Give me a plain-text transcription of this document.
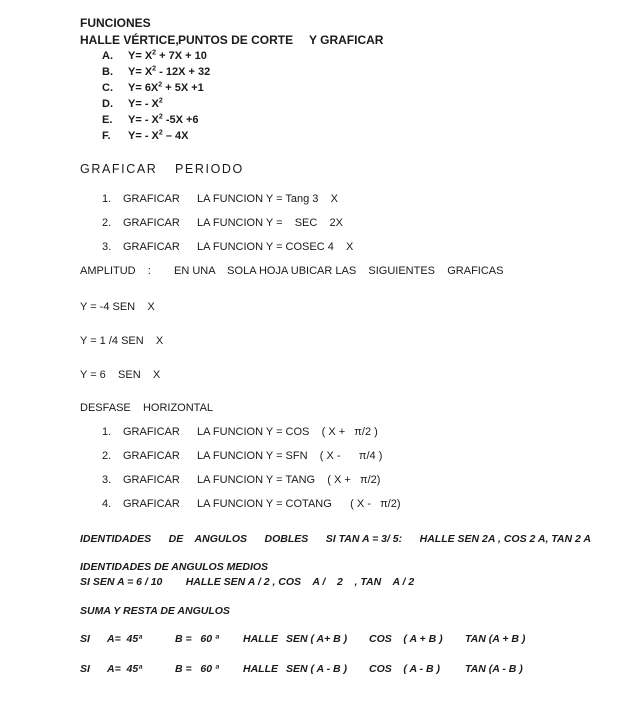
FUNCIONES
HALLE VÉRTICE, PUNTOS DE CORTE Y GRAFICAR
A. $Y= X^2 + 7X + 10$
B. $Y= X^2 - 12X + 32$
C. $Y= 6X^2 + 5X +1$
D. $Y= - X^2$
E. $Y= - X^2$ -5X +6
F. $Y= - X^2 - 4X$
GRAFICAR PERIODO
1. GRAFICAR LA FUNCION Y = Tang 3    X
2. GRAFICAR LA FUNCION Y =    SEC    2X
3. GRAFICAR LA FUNCION Y = COSEC 4    X
AMPLITUD    : EN UNA    SOLA HOJA UBICAR LAS    SIGUIENTES    GRAFICAS
Y = -4 SEN    X
Y = 1 /4 SEN    X
Y = 6    SEN    X
DESFASE    HORIZONTAL
1. GRAFICAR LA FUNCION Y = COS    ( X +   π/2 )
2. GRAFICAR LA FUNCION Y = SFN    ( X -      π/4 )
3. GRAFICAR LA FUNCION Y = TANG    ( X +   π/2)
4. GRAFICAR LA FUNCION Y = COTANG      ( X -   π/2)
IDENTIDADES      DE    ANGULOS      DOBLES      SI TAN A = 3/ 5:      HALLE SEN 2A , COS 2 A, TAN 2 A
IDENTIDADES DE ANGULOS MEDIOS
SI SEN A = 6 / 10        HALLE SEN A / 2 , COS    A /    2    , TAN    A / 2
SUMA Y RESTA DE ANGULOS
SI A=  45ª	B =   60 ª HALLE SEN ( A+ B ) COS    ( A + B ) TAN (A + B )
SI A=  45ª	B =   60 ª HALLE SEN ( A - B ) COS    ( A - B ) TAN (A - B )
